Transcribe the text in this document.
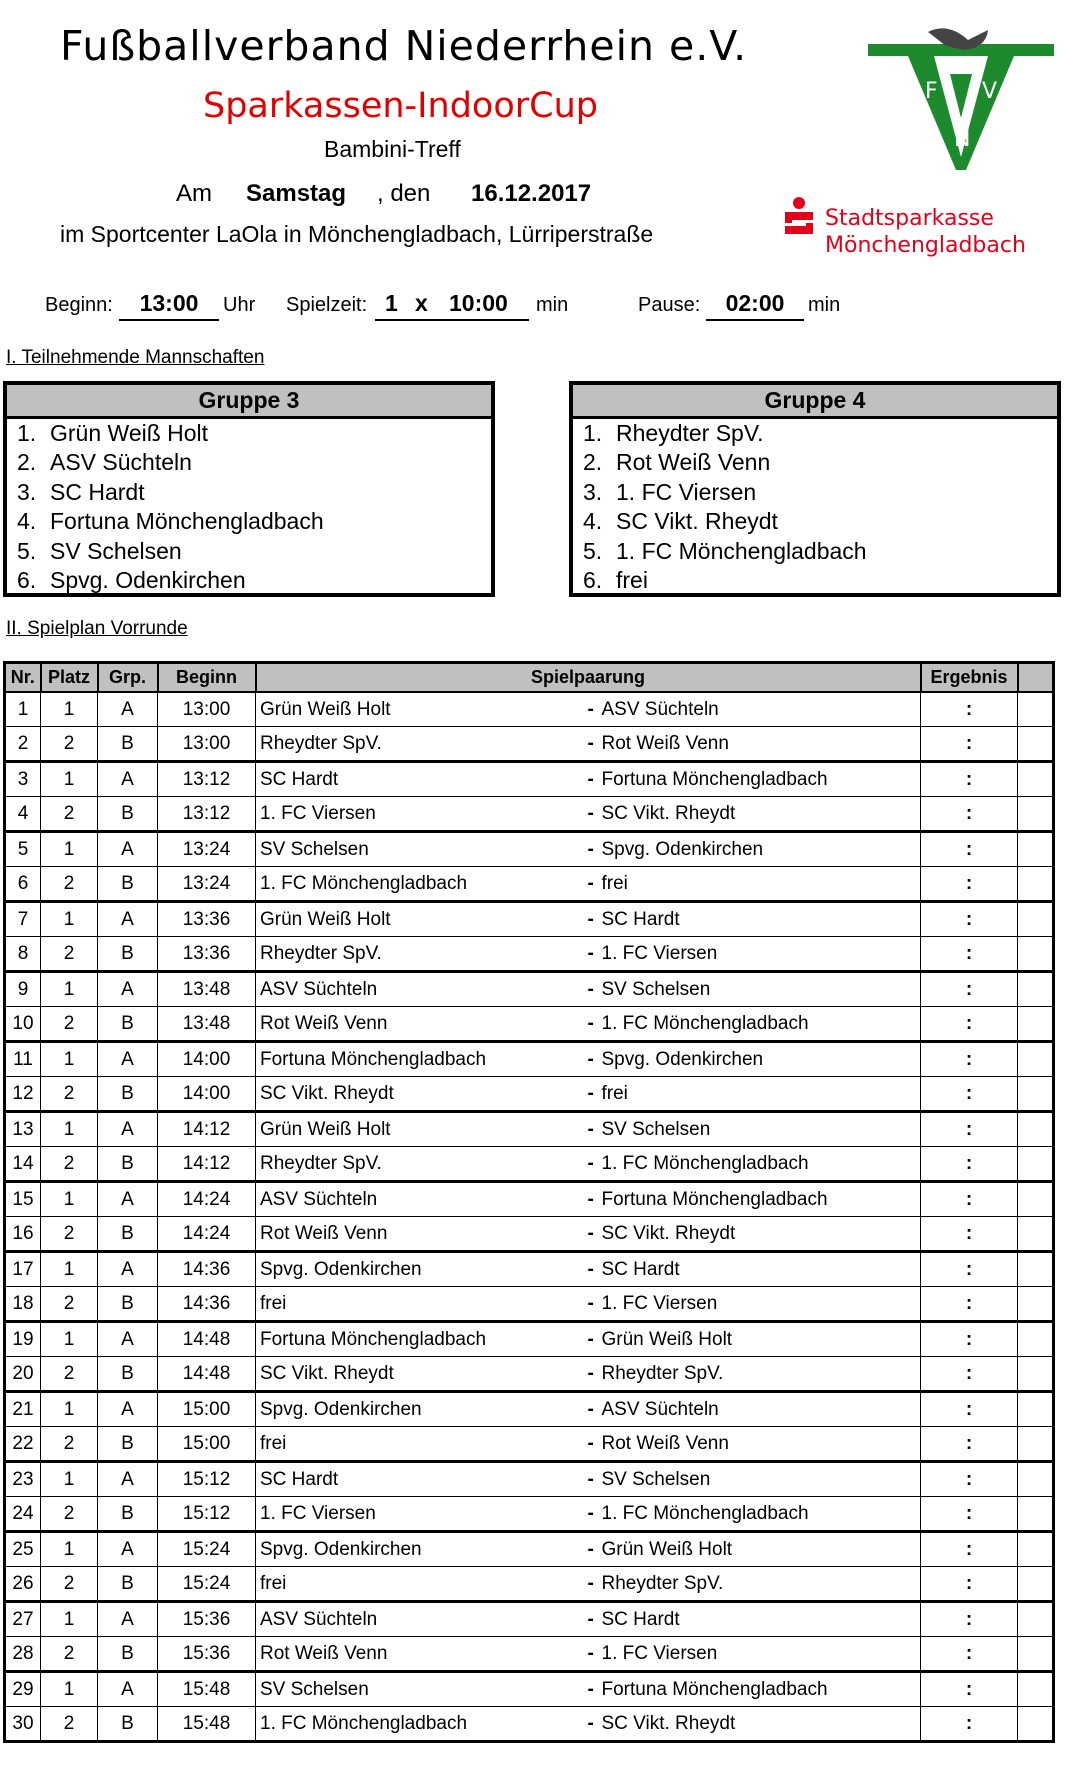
Fußballverband Niederrhein e.V.
Sparkassen-IndoorCup
Bambini-Treff
Am Samstag , den 16.12.2017
im Sportcenter LaOla in Mönchengladbach, Lürriperstraße
F V
N
Stadtsparkasse
Mönchengladbach
Beginn:	13:00	Uhr Spielzeit: 1 x 10:00 min	Pause:	02:00	min
I. Teilnehmende Mannschaften
Gruppe 3
1. Grün Weiß Holt
2. ASV Süchteln
3. SC Hardt
4. Fortuna Mönchengladbach
5. SV Schelsen
6. Spvg. Odenkirchen
Gruppe 4
1. Rheydter SpV.
2. Rot Weiß Venn
3. 1. FC Viersen
4. SC Vikt. Rheydt
5. 1. FC Mönchengladbach
6. frei
II. Spielplan Vorrunde
Nr.	Platz	Grp.	Beginn	Spielpaarung		Ergebnis	
1	1	A	13:00	Grün Weiß Holt	- ASV Süchteln	:	
2	2	B	13:00	Rheydter SpV.	- Rot Weiß Venn	:	
3	1	A	13:12	SC Hardt	- Fortuna Mönchengladbach	:	
4	2	B	13:12	1. FC Viersen	- SC Vikt. Rheydt	:	
5	1	A	13:24	SV Schelsen	- Spvg. Odenkirchen	:	
6	2	B	13:24	1. FC Mönchengladbach	- frei	:	
7	1	A	13:36	Grün Weiß Holt	- SC Hardt	:	
8	2	B	13:36	Rheydter SpV.	- 1. FC Viersen	:	
9	1	A	13:48	ASV Süchteln	- SV Schelsen	:	
10	2	B	13:48	Rot Weiß Venn	- 1. FC Mönchengladbach	:	
11	1	A	14:00	Fortuna Mönchengladbach	- Spvg. Odenkirchen	:	
12	2	B	14:00	SC Vikt. Rheydt	- frei	:	
13	1	A	14:12	Grün Weiß Holt	- SV Schelsen	:	
14	2	B	14:12	Rheydter SpV.	- 1. FC Mönchengladbach	:	
15	1	A	14:24	ASV Süchteln	- Fortuna Mönchengladbach	:	
16	2	B	14:24	Rot Weiß Venn	- SC Vikt. Rheydt	:	
17	1	A	14:36	Spvg. Odenkirchen	- SC Hardt	:	
18	2	B	14:36	frei	- 1. FC Viersen	:	
19	1	A	14:48	Fortuna Mönchengladbach	- Grün Weiß Holt	:	
20	2	B	14:48	SC Vikt. Rheydt	- Rheydter SpV.	:	
21	1	A	15:00	Spvg. Odenkirchen	- ASV Süchteln	:	
22	2	B	15:00	frei	- Rot Weiß Venn	:	
23	1	A	15:12	SC Hardt	- SV Schelsen	:	
24	2	B	15:12	1. FC Viersen	- 1. FC Mönchengladbach	:	
25	1	A	15:24	Spvg. Odenkirchen	- Grün Weiß Holt	:	
26	2	B	15:24	frei	- Rheydter SpV.	:	
27	1	A	15:36	ASV Süchteln	- SC Hardt	:	
28	2	B	15:36	Rot Weiß Venn	- 1. FC Viersen	:	
29	1	A	15:48	SV Schelsen	- Fortuna Mönchengladbach	:	
30	2	B	15:48	1. FC Mönchengladbach	- SC Vikt. Rheydt	:	
